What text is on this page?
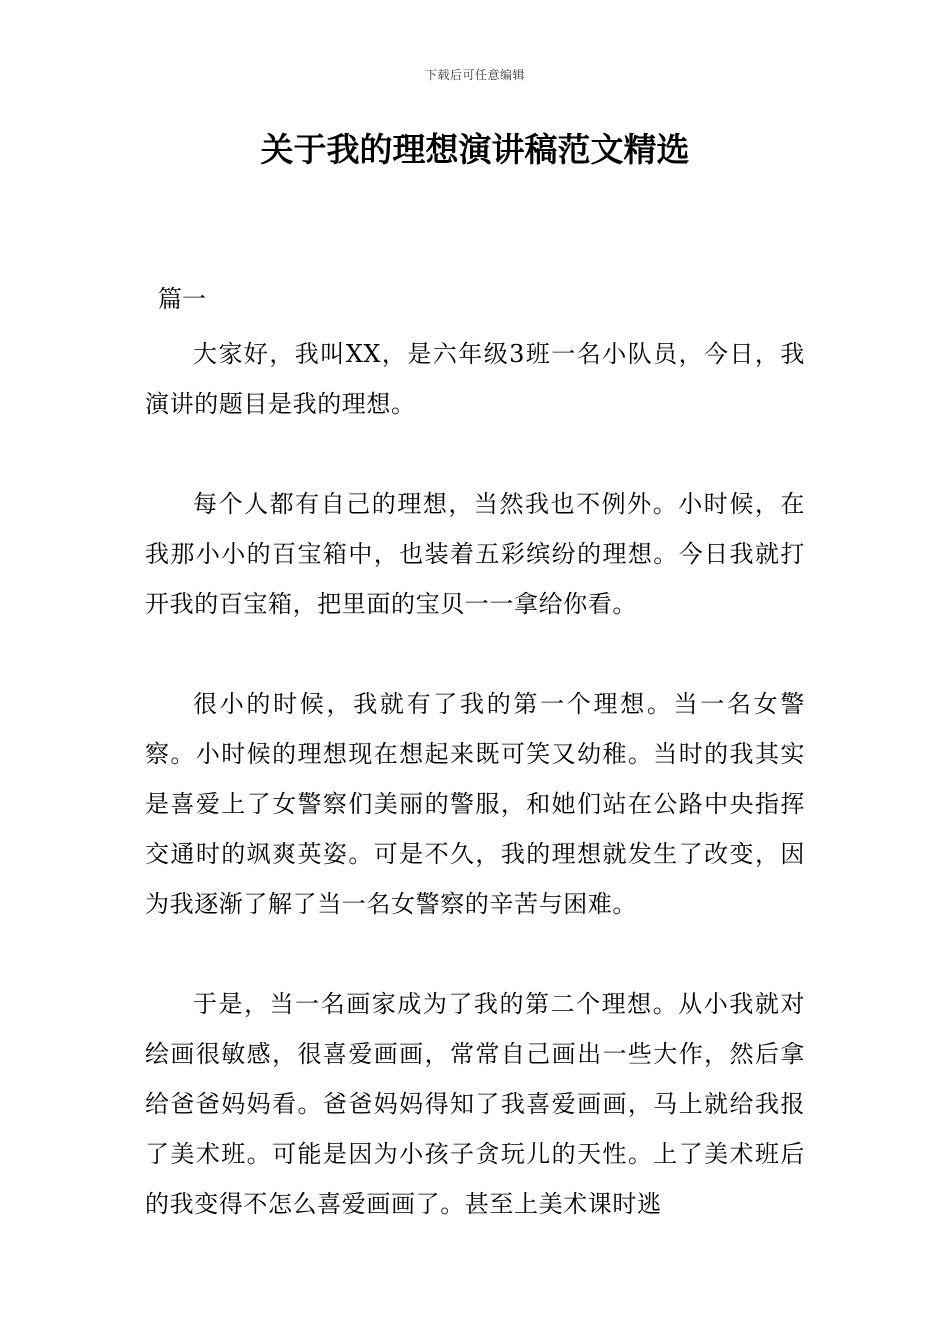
下载后可任意编辑
关于我的理想演讲稿范文精选
篇一

大家好，我叫XX，是六年级3班一名小队员，今日，我演讲的题目是我的理想。

每个人都有自己的理想，当然我也不例外。小时候，在我那小小的百宝箱中，也装着五彩缤纷的理想。今日我就打开我的百宝箱，把里面的宝贝一一拿给你看。

很小的时候，我就有了我的第一个理想。当一名女警察。小时候的理想现在想起来既可笑又幼稚。当时的我其实是喜爱上了女警察们美丽的警服，和她们站在公路中央指挥交通时的飒爽英姿。可是不久，我的理想就发生了改变，因为我逐渐了解了当一名女警察的辛苦与困难。

于是，当一名画家成为了我的第二个理想。从小我就对绘画很敏感，很喜爱画画，常常自己画出一些大作，然后拿给爸爸妈妈看。爸爸妈妈得知了我喜爱画画，马上就给我报了美术班。可能是因为小孩子贪玩儿的天性。上了美术班后的我变得不怎么喜爱画画了。甚至上美术课时逃
